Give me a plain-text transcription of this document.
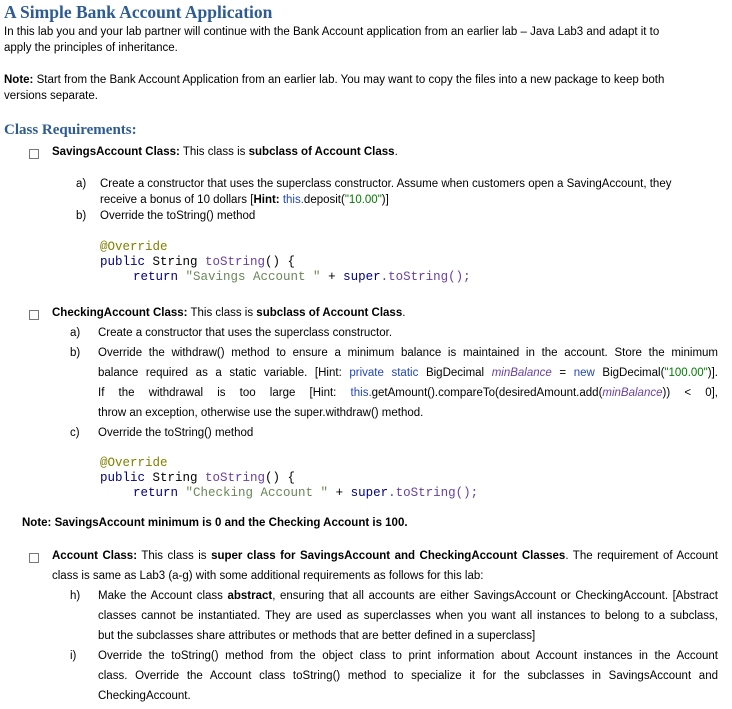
A Simple Bank Account Application
In this lab you and your lab partner will continue with the Bank Account application from an earlier lab – Java Lab3 and adapt it to
apply the principles of inheritance.
Note: Start from the Bank Account Application from an earlier lab. You may want to copy the files into a new package to keep both
versions separate.
Class Requirements:
SavingsAccount Class: This class is subclass of Account Class.
a) Create a constructor that uses the superclass constructor. Assume when customers open a SavingAccount, they
receive a bonus of 10 dollars [Hint: this.deposit("10.00")]
b) Override the toString() method
@Override
public String toString() {
return "Savings Account " + super.toString();
CheckingAccount Class: This class is subclass of Account Class.
a) Create a constructor that uses the superclass constructor.
b) Override the withdraw() method to ensure a minimum balance is maintained in the account. Store the minimum
balance required as a static variable. [Hint: private static BigDecimal minBalance = new BigDecimal("100.00")].
If the withdrawal is too large [Hint: this.getAmount().compareTo(desiredAmount.add(minBalance)) < 0],
throw an exception, otherwise use the super.withdraw() method.
c) Override the toString() method
@Override
public String toString() {
return "Checking Account " + super.toString();
Note: SavingsAccount minimum is 0 and the Checking Account is 100.
Account Class: This class is super class for SavingsAccount and CheckingAccount Classes. The requirement of Account
class is same as Lab3 (a-g) with some additional requirements as follows for this lab:
h) Make the Account class abstract, ensuring that all accounts are either SavingsAccount or CheckingAccount. [Abstract
classes cannot be instantiated. They are used as superclasses when you want all instances to belong to a subclass,
but the subclasses share attributes or methods that are better defined in a superclass]
i) Override the toString() method from the object class to print information about Account instances in the Account
class. Override the Account class toString() method to specialize it for the subclasses in SavingsAccount and
CheckingAccount.
